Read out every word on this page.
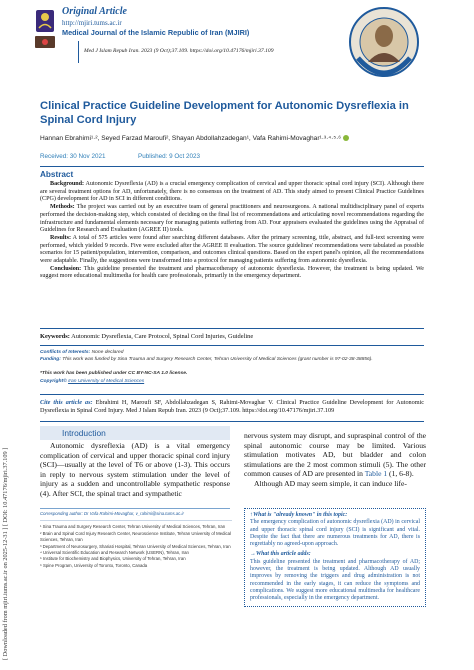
[ Downloaded from mjiri.iums.ac.ir on 2025-12-31 ] [ DOI: 10.47176/mjiri.37.109 ]
Original Article
http://mjiri.tums.ac.ir
Medical Journal of the Islamic Republic of Iran (MJIRI)
Med J Islam Repub Iran. 2023 (9 Oct);37.109. https://doi.org/10.47176/mjiri.37.109
Clinical Practice Guideline Development for Autonomic Dysreflexia in Spinal Cord Injury
Hannan Ebrahimi¹·², Seyed Farzad Maroufi², Shayan Abdollahzadegan¹, Vafa Rahimi-Movaghar¹·³·⁴·⁵·⁶
Received: 30 Nov 2021	Published: 9 Oct 2023
Abstract

Background: Autonomic Dysreflexia (AD) is a crucial emergency complication of cervical and upper thoracic spinal cord injury (SCI). Although there are several treatment options for AD, unfortunately, there is no consensus on the treatment of AD. This study aimed to present Clinical Practice Guidelines (CPG) development for AD in SCI in different conditions.

Methods: The project was carried out by an executive team of general practitioners and neurosurgeons. A national multidisciplinary panel of experts performed the decision-making step, which consisted of deciding on the final list of recommendations and articulating novel recommendations regarding the infrastructure and fundamental elements necessary for managing patients suffering from AD. Four appraisers evaluated the guidelines using the Appraisal of Guidelines for Research and Evaluation (AGREE II) tools.

Results: A total of 575 articles were found after searching different databases. After the primary screening, title, abstract, and full-text screening were performed, which yielded 9 records. Five were excluded after the AGREE II evaluation. The source guidelines' recommendations were tabulated as possible scenarios for 15 patient/population, intervention, comparison, and outcomes clinical questions. Based on the expert panel's opinion, all the recommendations were adaptable. Finally, the suggestions were transformed into a protocol for managing patients suffering from autonomic dysreflexia.

Conclusion: This guideline presented the treatment and pharmacotherapy of autonomic dysreflexia. However, the treatment is being updated. We suggest more educational multimedia for health care professionals, primarily in the emergency department.

Keywords: Autonomic Dysreflexia, Care Protocol, Spinal Cord Injuries, Guideline
Conflicts of Interests: None declared
Funding: This work was funded by Sina Trauma and Surgery Research Center, Tehran University of Medical Sciences (grant number is 97-02-38-38856).
*This work has been published under CC BY-NC-SA 1.0 license.
Copyright© Iran University of Medical Sciences
Cite this article as: Ebrahimi H, Maroufi SF, Abdollahzadegan S, Rahimi-Movaghar V. Clinical Practice Guideline Development for Autonomic Dysreflexia in Spinal Cord Injury. Med J Islam Repub Iran. 2023 (9 Oct);37.109. https://doi.org/10.47176/mjiri.37.109
Introduction
Autonomic dysreflexia (AD) is a vital emergency complication of cervical and upper thoracic spinal cord injury (SCI)—usually at the level of T6 or above (1-3). This occurs in reply to nervous system stimulation under the level of injury as a sudden and uncontrollable sympathetic response (4). After SCI, the spinal tract and sympathetic

nervous system may disrupt, and supraspinal control of the spinal autonomic course may be limited. Various stimulation motivates AD, but bladder and colon stimulations are the 2 most common stimuli (5). The other common causes of AD are presented in Table 1 (1, 6-8).

Although AD may seem simple, it can induce life-

Corresponding author: Dr Vafa Rahimi-Movaghar, v_rahimi@sina.tums.ac.ir
¹ Sina Trauma and Surgery Research Center, Tehran University of Medical Sciences, Tehran, Iran
² Brain and Spinal Cord Injury Research Center, Neuroscience Institute, Tehran University of Medical Sciences, Tehran, Iran
³ Department of Neurosurgery, Shariati Hospital, Tehran University of Medical Sciences, Tehran, Iran
⁴ Universal Scientific Education and Research Network (USERN), Tehran, Iran
⁵ Institute for Biochemistry and Biophysics, University of Tehran, Tehran, Iran
⁶ Spine Program, University of Toronto, Toronto, Canada
↑What is "already known" in this topic:
The emergency complication of autonomic dysreflexia (AD) in cervical and upper thoracic spinal cord injury (SCI) is significant and vital. Despite the fact that there are numerous treatments for AD, there is regrettably no agreed-upon approach.
→What this article adds:
This guideline presented the treatment and pharmacotherapy of AD; however, the treatment is being updated. Although AD usually improves by removing the triggers and drug administration is not recommended in the early stages, it can reduce the symptoms and complications. We suggest more educational multimedia for healthcare professionals, especially in the emergency department.
